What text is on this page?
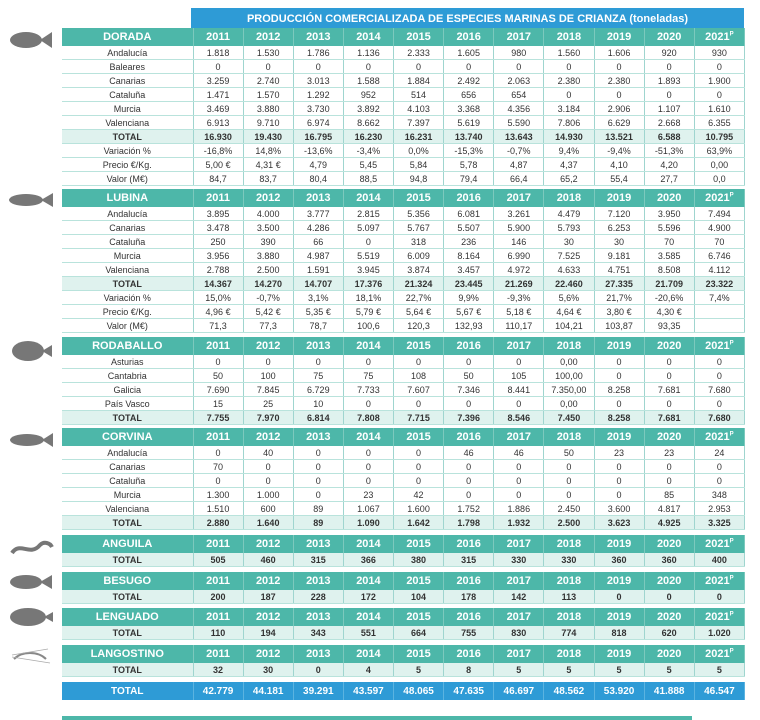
PRODUCCIÓN COMERCIALIZADA DE ESPECIES MARINAS DE CRIANZA (toneladas)
DORADA	2011	2012	2013	2014	2015	2016	2017	2018	2019	2020	$2021^P$
Andalucía	1.818	1.530	1.786	1.136	2.333	1.605	980	1.560	1.606	920	930
Baleares	0	0	0	0	0	0	0	0	0	0	0
Canarias	3.259	2.740	3.013	1.588	1.884	2.492	2.063	2.380	2.380	1.893	1.900
Cataluña	1.471	1.570	1.292	952	514	656	654	0	0	0	0
Murcia	3.469	3.880	3.730	3.892	4.103	3.368	4.356	3.184	2.906	1.107	1.610
Valenciana	6.913	9.710	6.974	8.662	7.397	5.619	5.590	7.806	6.629	2.668	6.355
TOTAL	16.930	19.430	16.795	16.230	16.231	13.740	13.643	14.930	13.521	6.588	10.795
Variación %	-16,8%	14,8%	-13,6%	-3,4%	0,0%	-15,3%	-0,7%	9,4%	-9,4%	-51,3%	63,9%
Precio €/Kg.	5,00 €	4,31 €	4,79	5,45	5,84	5,78	4,87	4,37	4,10	4,20	0,00
Valor (M€)	84,7	83,7	80,4	88,5	94,8	79,4	66,4	65,2	55,4	27,7	0,0
LUBINA	2011	2012	2013	2014	2015	2016	2017	2018	2019	2020	$2021^P$
Andalucía	3.895	4.000	3.777	2.815	5.356	6.081	3.261	4.479	7.120	3.950	7.494
Canarias	3.478	3.500	4.286	5.097	5.767	5.507	5.900	5.793	6.253	5.596	4.900
Cataluña	250	390	66	0	318	236	146	30	30	70	70
Murcia	3.956	3.880	4.987	5.519	6.009	8.164	6.990	7.525	9.181	3.585	6.746
Valenciana	2.788	2.500	1.591	3.945	3.874	3.457	4.972	4.633	4.751	8.508	4.112
TOTAL	14.367	14.270	14.707	17.376	21.324	23.445	21.269	22.460	27.335	21.709	23.322
Variación %	15,0%	-0,7%	3,1%	18,1%	22,7%	9,9%	-9,3%	5,6%	21,7%	-20,6%	7,4%
Precio €/Kg.	4,96 €	5,42 €	5,35 €	5,79 €	5,64 €	5,67 €	5,18 €	4,64 €	3,80 €	4,30 €	
Valor (M€)	71,3	77,3	78,7	100,6	120,3	132,93	110,17	104,21	103,87	93,35	
RODABALLO	2011	2012	2013	2014	2015	2016	2017	2018	2019	2020	$2021^P$
Asturias	0	0	0	0	0	0	0	0,00	0	0	0
Cantabria	50	100	75	75	108	50	105	100,00	0	0	0
Galicia	7.690	7.845	6.729	7.733	7.607	7.346	8.441	7.350,00	8.258	7.681	7.680
País Vasco	15	25	10	0	0	0	0	0,00	0	0	0
TOTAL	7.755	7.970	6.814	7.808	7.715	7.396	8.546	7.450	8.258	7.681	7.680
CORVINA	2011	2012	2013	2014	2015	2016	2017	2018	2019	2020	$2021^P$
Andalucía	0	40	0	0	0	46	46	50	23	23	24
Canarias	70	0	0	0	0	0	0	0	0	0	0
Cataluña	0	0	0	0	0	0	0	0	0	0	0
Murcia	1.300	1.000	0	23	42	0	0	0	0	85	348
Valenciana	1.510	600	89	1.067	1.600	1.752	1.886	2.450	3.600	4.817	2.953
TOTAL	2.880	1.640	89	1.090	1.642	1.798	1.932	2.500	3.623	4.925	3.325
ANGUILA	2011	2012	2013	2014	2015	2016	2017	2018	2019	2020	$2021^P$
TOTAL	505	460	315	366	380	315	330	330	360	360	400
BESUGO	2011	2012	2013	2014	2015	2016	2017	2018	2019	2020	$2021^P$
TOTAL	200	187	228	172	104	178	142	113	0	0	0
LENGUADO	2011	2012	2013	2014	2015	2016	2017	2018	2019	2020	$2021^P$
TOTAL	110	194	343	551	664	755	830	774	818	620	1.020
LANGOSTINO	2011	2012	2013	2014	2015	2016	2017	2018	2019	2020	$2021^P$
TOTAL	32	30	0	4	5	8	5	5	5	5	5
TOTAL	42.779	44.181	39.291	43.597	48.065	47.635	46.697	48.562	53.920	41.888	46.547
